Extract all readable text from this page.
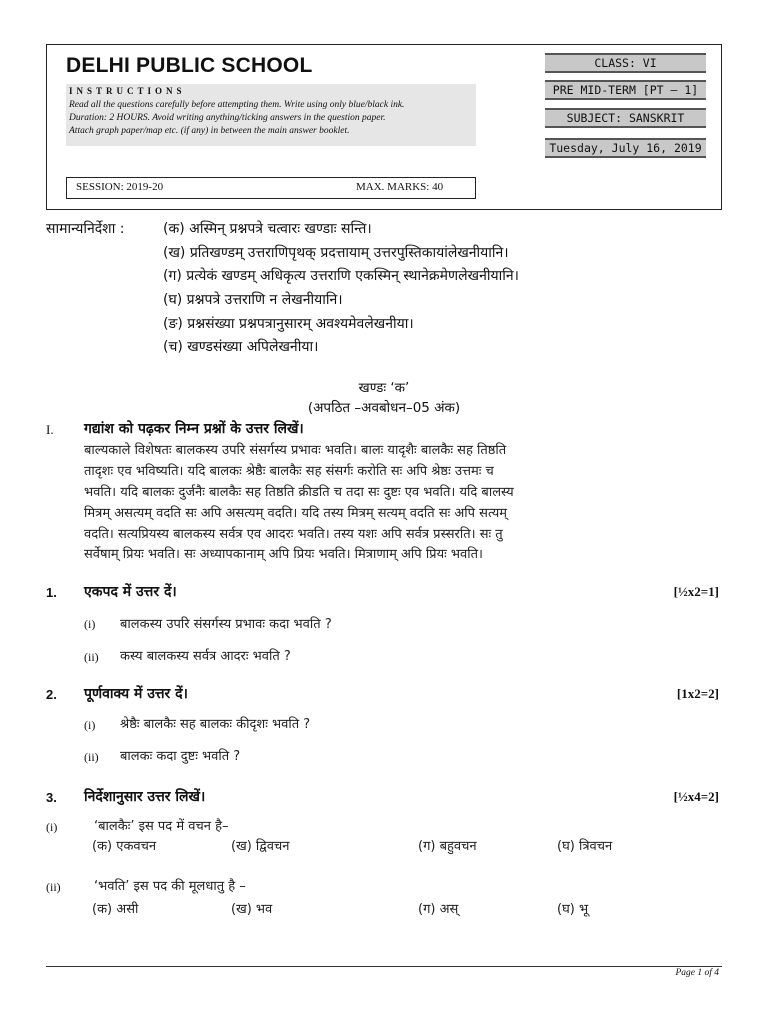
DELHI PUBLIC SCHOOL
INSTRUCTIONS
Read all the questions carefully before attempting them. Write using only blue/black ink.
Duration: 2 HOURS. Avoid writing anything/ticking answers in the question paper.
Attach graph paper/map etc. (if any) in between the main answer booklet.
CLASS: VI
PRE MID-TERM [PT – 1]
SUBJECT: SANSKRIT
Tuesday, July 16, 2019
SESSION: 2019-20	MAX. MARKS: 40
सामान्यनिर्देशा :	(क) अस्मिन् प्रश्नपत्रे चत्वारः खण्डाः सन्ति।
(ख) प्रतिखण्डम् उत्तराणिपृथक् प्रदत्तायाम् उत्तरपुस्तिकायांलेखनीयानि।
(ग) प्रत्येकं खण्डम् अधिकृत्य उत्तराणि एकस्मिन् स्थानेक्रमेणलेखनीयानि।
(घ) प्रश्नपत्रे उत्तराणि न लेखनीयानि।
(ङ) प्रश्नसंख्या प्रश्नपत्रानुसारम् अवश्यमेवलेखनीया।
(च) खण्डसंख्या अपिलेखनीया।
खण्डः ‘क’
(अपठित –अवबोधन–05 अंक)
I. गद्यांश को पढ़कर निम्न प्रश्नों के उत्तर लिखें।
बाल्यकाले विशेषतः बालकस्य उपरि संसर्गस्य प्रभावः भवति। बालः यादृशैः बालकैः सह तिष्ठति
तादृशः एव भविष्यति। यदि बालकः श्रेष्ठैः बालकैः सह संसर्गः करोति सः अपि श्रेष्ठः उत्तमः च
भवति। यदि बालकः दुर्जनैः बालकैः सह तिष्ठति क्रीडति च तदा सः दुष्टः एव भवति। यदि बालस्य
मित्रम् असत्यम् वदति सः अपि असत्यम् वदति। यदि तस्य मित्रम् सत्यम् वदति सः अपि सत्यम्
वदति। सत्यप्रियस्य बालकस्य सर्वत्र एव आदरः भवति। तस्य यशः अपि सर्वत्र प्रस्सरति। सः तु
सर्वेषाम् प्रियः भवति। सः अध्यापकानाम् अपि प्रियः भवति। मित्राणाम् अपि प्रियः भवति।
1. एकपद में उत्तर दें।	[½x2=1]
(i) बालकस्य उपरि संसर्गस्य प्रभावः कदा भवति ?
(ii) कस्य बालकस्य सर्वत्र आदरः भवति ?
2. पूर्णवाक्य में उत्तर दें।	[1x2=2]
(i) श्रेष्ठैः बालकैः सह बालकः कीदृशः भवति ?
(ii) बालकः कदा दुष्टः भवति ?
3. निर्देशानुसार उत्तर लिखें।	[½x4=2]
(i)	‘बालकैः’ इस पद में वचन है–
(क) एकवचन	(ख) द्विवचन	(ग) बहुवचन	(घ) त्रिवचन
(ii)	‘भवति’ इस पद की मूलधातु है –
(क) असी	(ख) भव	(ग) अस्	(घ) भू
Page 1 of 4
